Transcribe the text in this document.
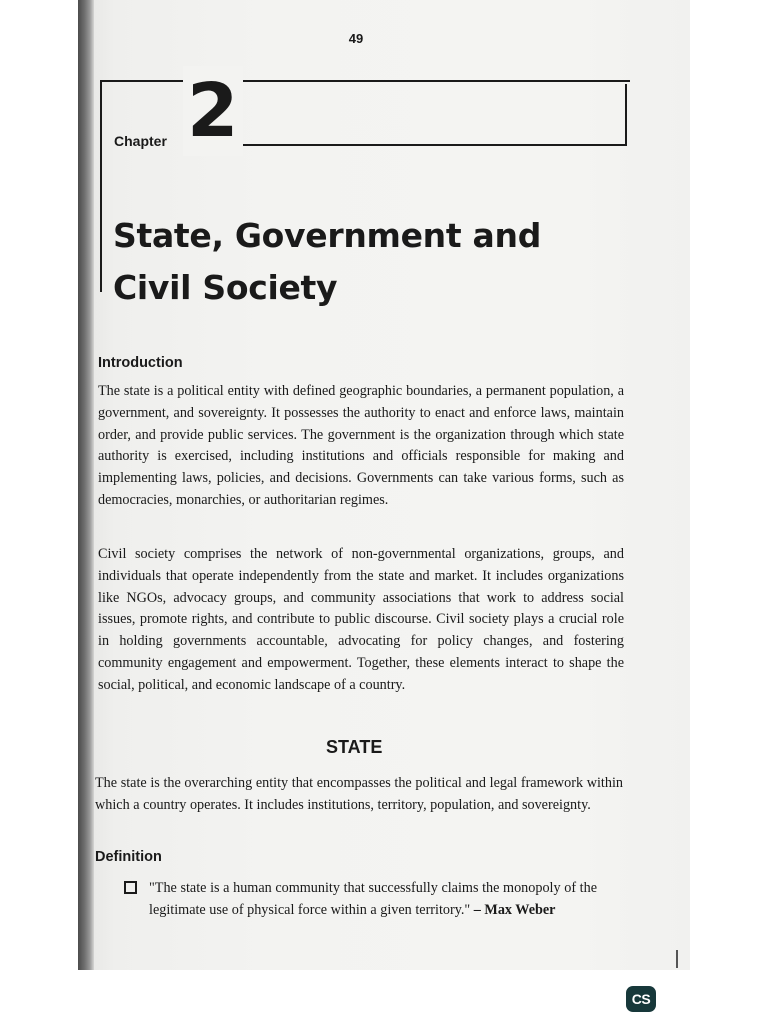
49
Chapter 2
State, Government and
Civil Society
Introduction

The state is a political entity with defined geographic boundaries, a permanent population, a government, and sovereignty. It possesses the authority to enact and enforce laws, maintain order, and provide public services. The government is the organization through which state authority is exercised, including institutions and officials responsible for making and implementing laws, policies, and decisions. Governments can take various forms, such as democracies, monarchies, or authoritarian regimes.

Civil society comprises the network of non-governmental organizations, groups, and individuals that operate independently from the state and market. It includes organizations like NGOs, advocacy groups, and community associations that work to address social issues, promote rights, and contribute to public discourse. Civil society plays a crucial role in holding governments accountable, advocating for policy changes, and fostering community engagement and empowerment. Together, these elements interact to shape the social, political, and economic landscape of a country.

STATE

The state is the overarching entity that encompasses the political and legal framework within which a country operates. It includes institutions, territory, population, and sovereignty.

Definition

"The state is a human community that successfully claims the monopoly of the legitimate use of physical force within a given territory." – Max Weber

CS
